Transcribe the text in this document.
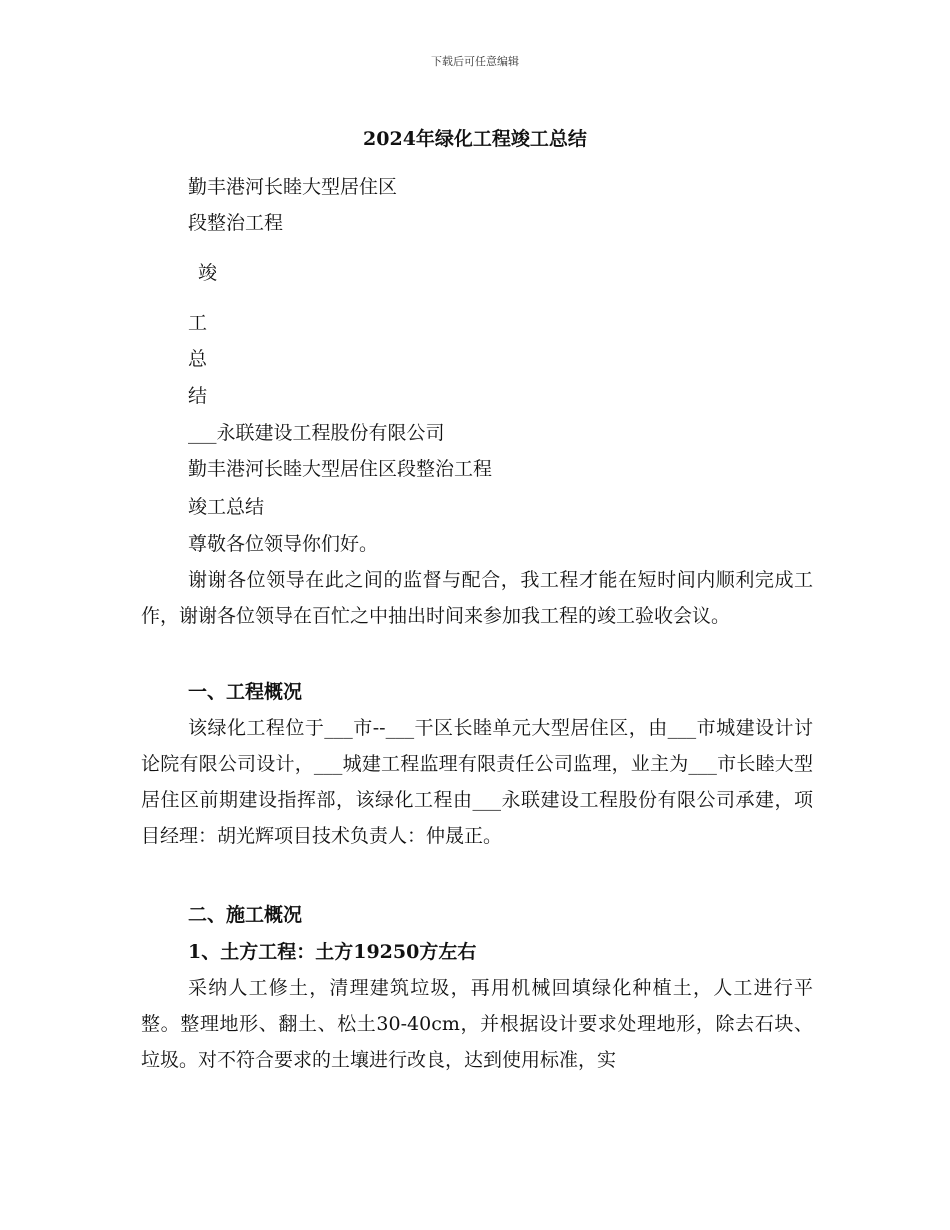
下载后可任意编辑
2024年绿化工程竣工总结
勤丰港河长睦大型居住区
段整治工程
竣
工
总
结
___永联建设工程股份有限公司
勤丰港河长睦大型居住区段整治工程
竣工总结
尊敬各位领导你们好。
谢谢各位领导在此之间的监督与配合，我工程才能在短时间内顺利完成工作，谢谢各位领导在百忙之中抽出时间来参加我工程的竣工验收会议。
一、工程概况
该绿化工程位于___市--___干区长睦单元大型居住区，由___市城建设计讨论院有限公司设计，___城建工程监理有限责任公司监理，业主为___市长睦大型居住区前期建设指挥部，该绿化工程由___永联建设工程股份有限公司承建，项目经理：胡光辉项目技术负责人：仲晟正。
二、施工概况
1、土方工程：土方19250方左右
采纳人工修土，清理建筑垃圾，再用机械回填绿化种植土，人工进行平整。整理地形、翻土、松土30-40cm，并根据设计要求处理地形，除去石块、垃圾。对不符合要求的土壤进行改良，达到使用标准，实
